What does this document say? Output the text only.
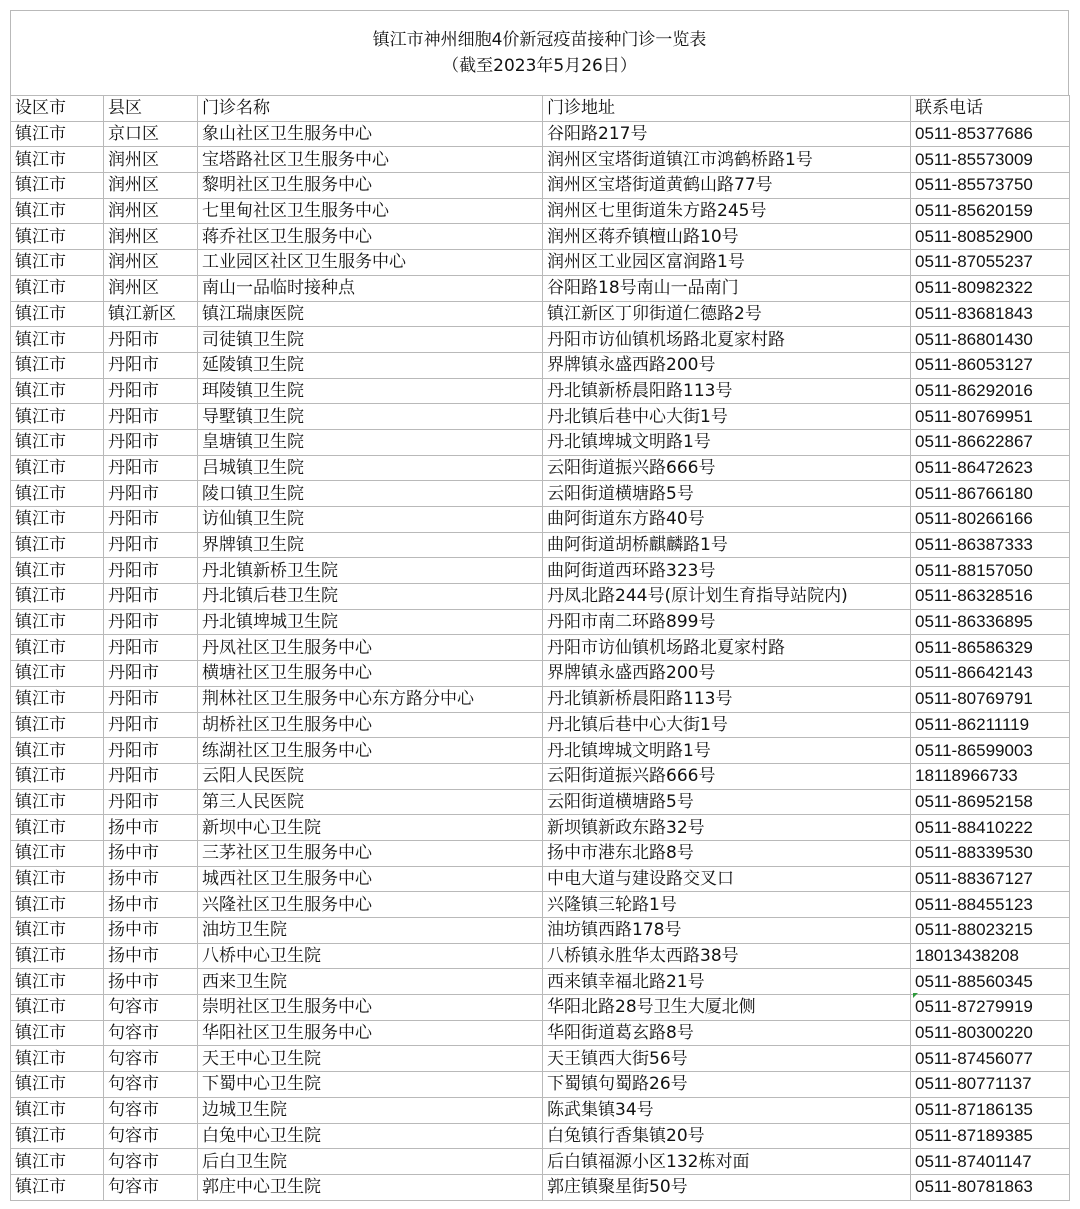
镇江市神州细胞4价新冠疫苗接种门诊一览表
（截至2023年5月26日）
设区市	县区	门诊名称	门诊地址	联系电话
镇江市	京口区	象山社区卫生服务中心	谷阳路217号	0511-85377686
镇江市	润州区	宝塔路社区卫生服务中心	润州区宝塔街道镇江市鸿鹤桥路1号	0511-85573009
镇江市	润州区	黎明社区卫生服务中心	润州区宝塔街道黄鹤山路77号	0511-85573750
镇江市	润州区	七里甸社区卫生服务中心	润州区七里街道朱方路245号	0511-85620159
镇江市	润州区	蒋乔社区卫生服务中心	润州区蒋乔镇檀山路10号	0511-80852900
镇江市	润州区	工业园区社区卫生服务中心	润州区工业园区富润路1号	0511-87055237
镇江市	润州区	南山一品临时接种点	谷阳路18号南山一品南门	0511-80982322
镇江市	镇江新区	镇江瑞康医院	镇江新区丁卯街道仁德路2号	0511-83681843
镇江市	丹阳市	司徒镇卫生院	丹阳市访仙镇机场路北夏家村路	0511-86801430
镇江市	丹阳市	延陵镇卫生院	界牌镇永盛西路200号	0511-86053127
镇江市	丹阳市	珥陵镇卫生院	丹北镇新桥晨阳路113号	0511-86292016
镇江市	丹阳市	导墅镇卫生院	丹北镇后巷中心大街1号	0511-80769951
镇江市	丹阳市	皇塘镇卫生院	丹北镇埤城文明路1号	0511-86622867
镇江市	丹阳市	吕城镇卫生院	云阳街道振兴路666号	0511-86472623
镇江市	丹阳市	陵口镇卫生院	云阳街道横塘路5号	0511-86766180
镇江市	丹阳市	访仙镇卫生院	曲阿街道东方路40号	0511-80266166
镇江市	丹阳市	界牌镇卫生院	曲阿街道胡桥麒麟路1号	0511-86387333
镇江市	丹阳市	丹北镇新桥卫生院	曲阿街道西环路323号	0511-88157050
镇江市	丹阳市	丹北镇后巷卫生院	丹凤北路244号(原计划生育指导站院内)	0511-86328516
镇江市	丹阳市	丹北镇埤城卫生院	丹阳市南二环路899号	0511-86336895
镇江市	丹阳市	丹凤社区卫生服务中心	丹阳市访仙镇机场路北夏家村路	0511-86586329
镇江市	丹阳市	横塘社区卫生服务中心	界牌镇永盛西路200号	0511-86642143
镇江市	丹阳市	荆林社区卫生服务中心东方路分中心	丹北镇新桥晨阳路113号	0511-80769791
镇江市	丹阳市	胡桥社区卫生服务中心	丹北镇后巷中心大街1号	0511-86211119
镇江市	丹阳市	练湖社区卫生服务中心	丹北镇埤城文明路1号	0511-86599003
镇江市	丹阳市	云阳人民医院	云阳街道振兴路666号	18118966733
镇江市	丹阳市	第三人民医院	云阳街道横塘路5号	0511-86952158
镇江市	扬中市	新坝中心卫生院	新坝镇新政东路32号	0511-88410222
镇江市	扬中市	三茅社区卫生服务中心	扬中市港东北路8号	0511-88339530
镇江市	扬中市	城西社区卫生服务中心	中电大道与建设路交叉口	0511-88367127
镇江市	扬中市	兴隆社区卫生服务中心	兴隆镇三轮路1号	0511-88455123
镇江市	扬中市	油坊卫生院	油坊镇西路178号	0511-88023215
镇江市	扬中市	八桥中心卫生院	八桥镇永胜华太西路38号	18013438208
镇江市	扬中市	西来卫生院	西来镇幸福北路21号	0511-88560345
镇江市	句容市	崇明社区卫生服务中心	华阳北路28号卫生大厦北侧	0511-87279919
镇江市	句容市	华阳社区卫生服务中心	华阳街道葛玄路8号	0511-80300220
镇江市	句容市	天王中心卫生院	天王镇西大街56号	0511-87456077
镇江市	句容市	下蜀中心卫生院	下蜀镇句蜀路26号	0511-80771137
镇江市	句容市	边城卫生院	陈武集镇34号	0511-87186135
镇江市	句容市	白兔中心卫生院	白兔镇行香集镇20号	0511-87189385
镇江市	句容市	后白卫生院	后白镇福源小区132栋对面	0511-87401147
镇江市	句容市	郭庄中心卫生院	郭庄镇聚星街50号	0511-80781863
